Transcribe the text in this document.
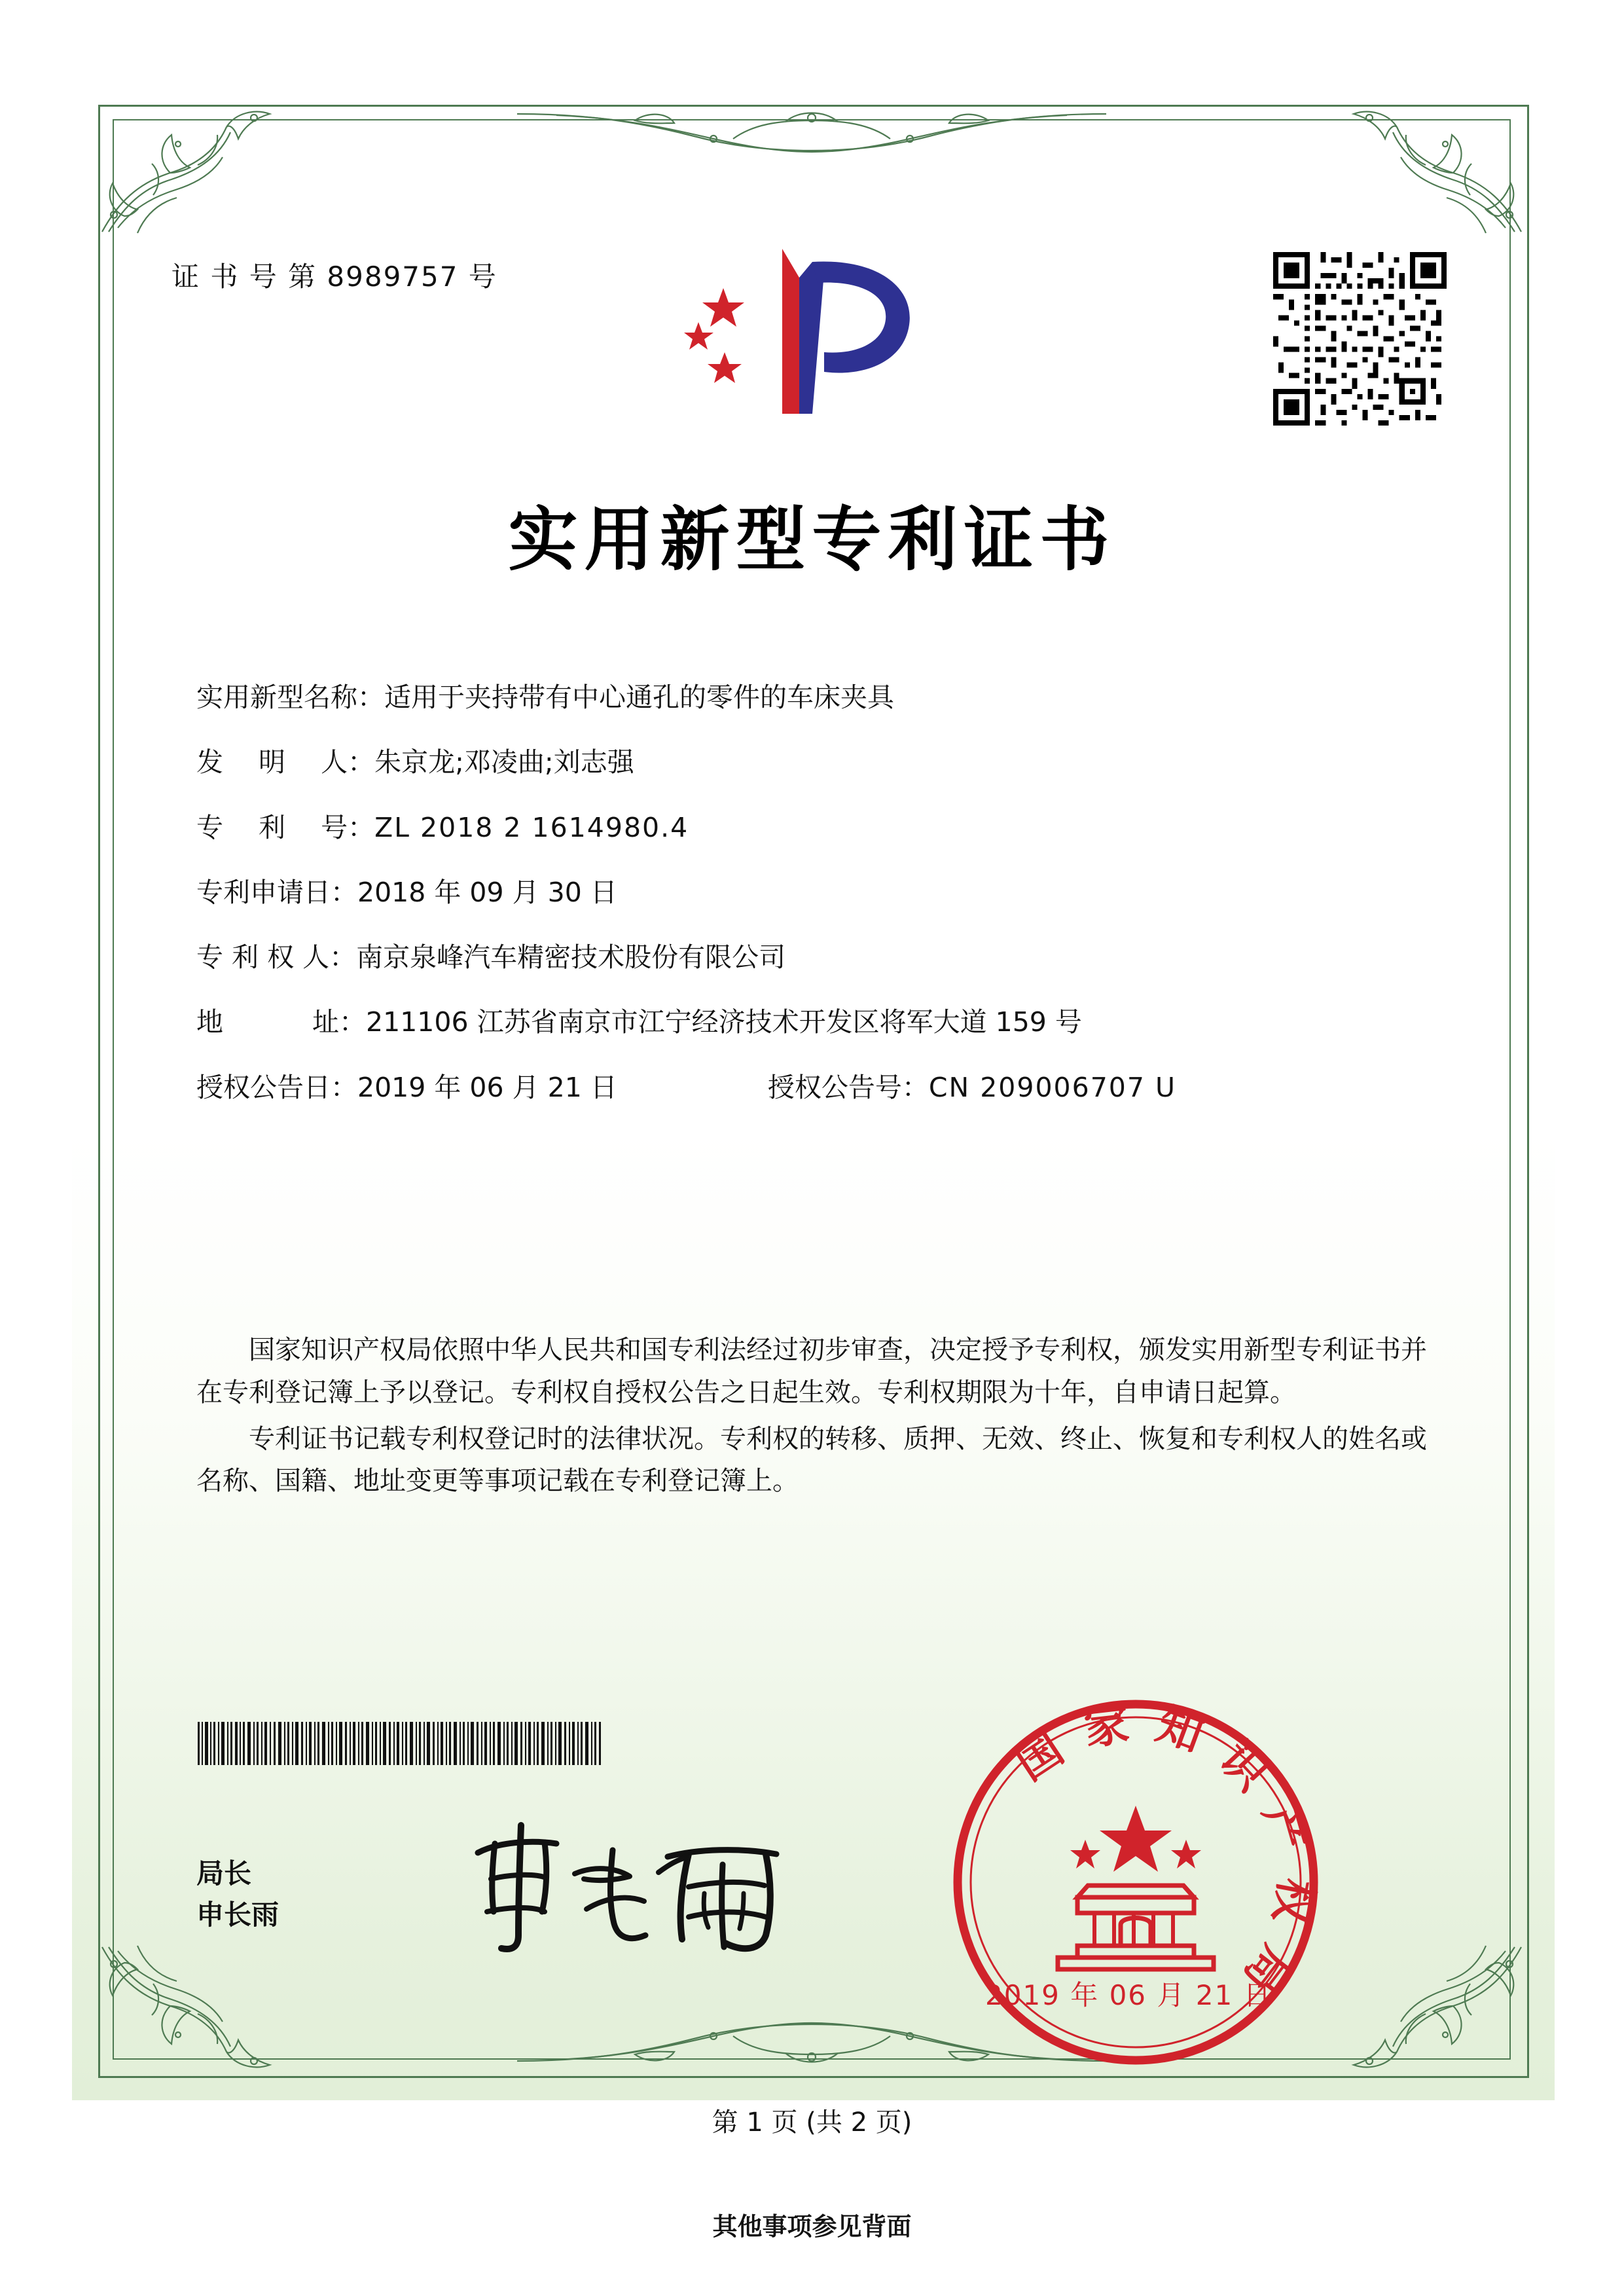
证 书 号 第 8989757 号
实用新型专利证书
实用新型名称： 适用于夹持带有中心通孔的零件的车床夹具
发　 明 　人： 朱京龙;邓凌曲;刘志强
专　 利 　号： ZL 2018 2 1614980.4
专利申请日： 2018 年 09 月 30 日
专 利 权 人： 南京泉峰汽车精密技术股份有限公司
地　　　 址： 211106 江苏省南京市江宁经济技术开发区将军大道 159 号
授权公告日：2019 年 06 月 21 日	授权公告号：CN 209006707 U

国家知识产权局依照中华人民共和国专利法经过初步审查，决定授予专利权，颁发实用新型专利证书并在专利登记簿上予以登记。专利权自授权公告之日起生效。专利权期限为十年，自申请日起算。

专利证书记载专利权登记时的法律状况。专利权的转移、质押、无效、终止、恢复和专利权人的姓名或名称、国籍、地址变更等事项记载在专利登记簿上。

局长
申长雨
国家知识产权局
2019 年 06 月 21 日
第 1 页 (共 2 页)
其他事项参见背面
